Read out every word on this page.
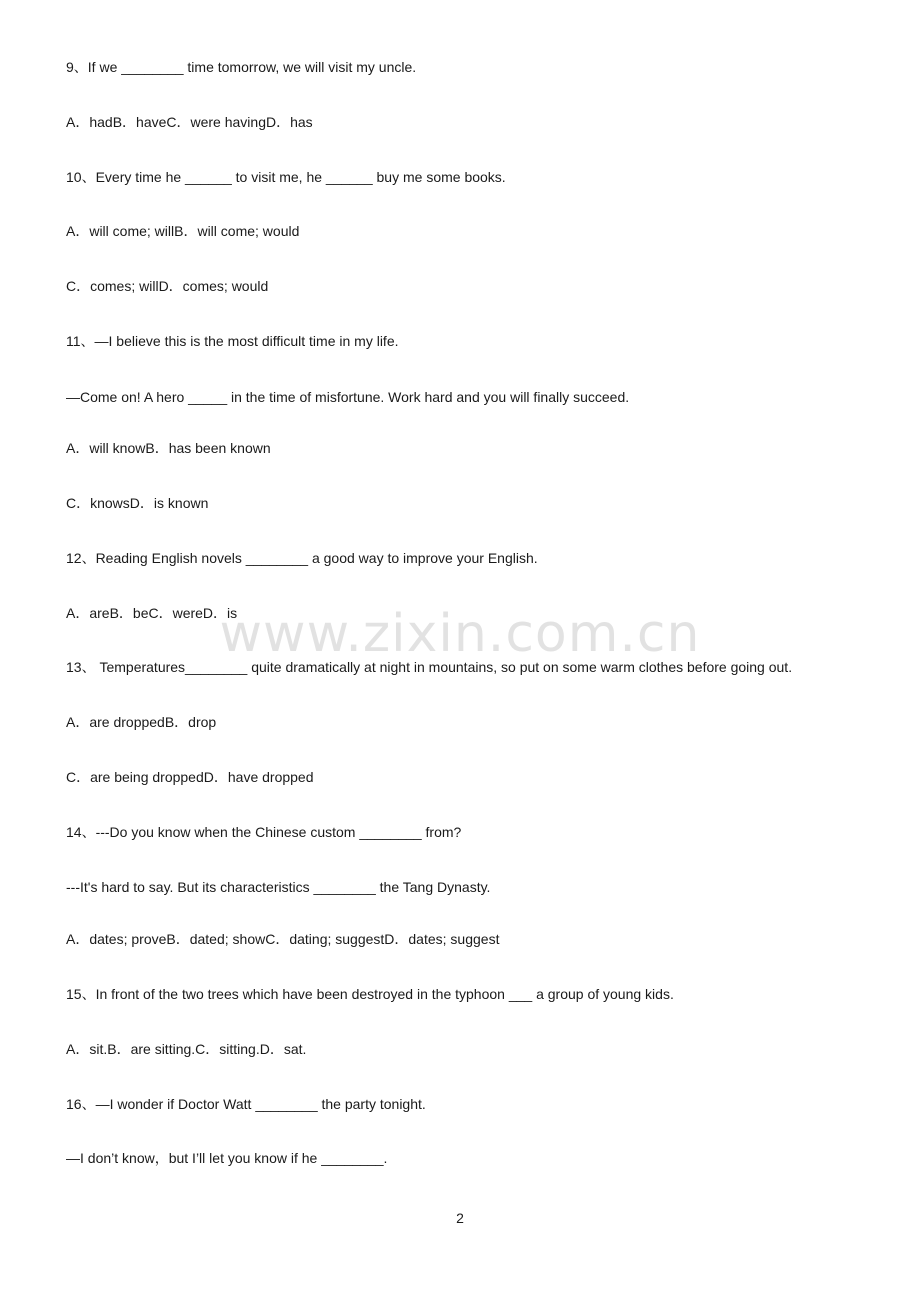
9、If we ________ time tomorrow, we will visit my uncle.
A．hadB．haveC．were havingD．has
10、Every time he ______ to visit me, he ______ buy me some books.
A．will come; willB．will come; would
C．comes; willD．comes; would
11、—I believe this is the most difficult time in my life.
—Come on! A hero _____ in the time of misfortune. Work hard and you will finally succeed.
A．will knowB．has been known
C．knowsD．is known
12、Reading English novels ________ a good way to improve your English.
A．areB．beC．wereD．is
13、 Temperatures________ quite dramatically at night in mountains, so put on some warm clothes before going out.
A．are droppedB．drop
C．are being droppedD．have dropped
14、---Do you know when the Chinese custom ________ from?
---It's hard to say. But its characteristics ________ the Tang Dynasty.
A．dates; proveB．dated; showC．dating; suggestD．dates; suggest
15、In front of the two trees which have been destroyed in the typhoon ___ a group of young kids.
A．sit.B．are sitting.C．sitting.D．sat.
16、—I wonder if Doctor Watt ________ the party tonight.
—I don’t know，but I’ll let you know if he ________.
www.zixin.com.cn
2
